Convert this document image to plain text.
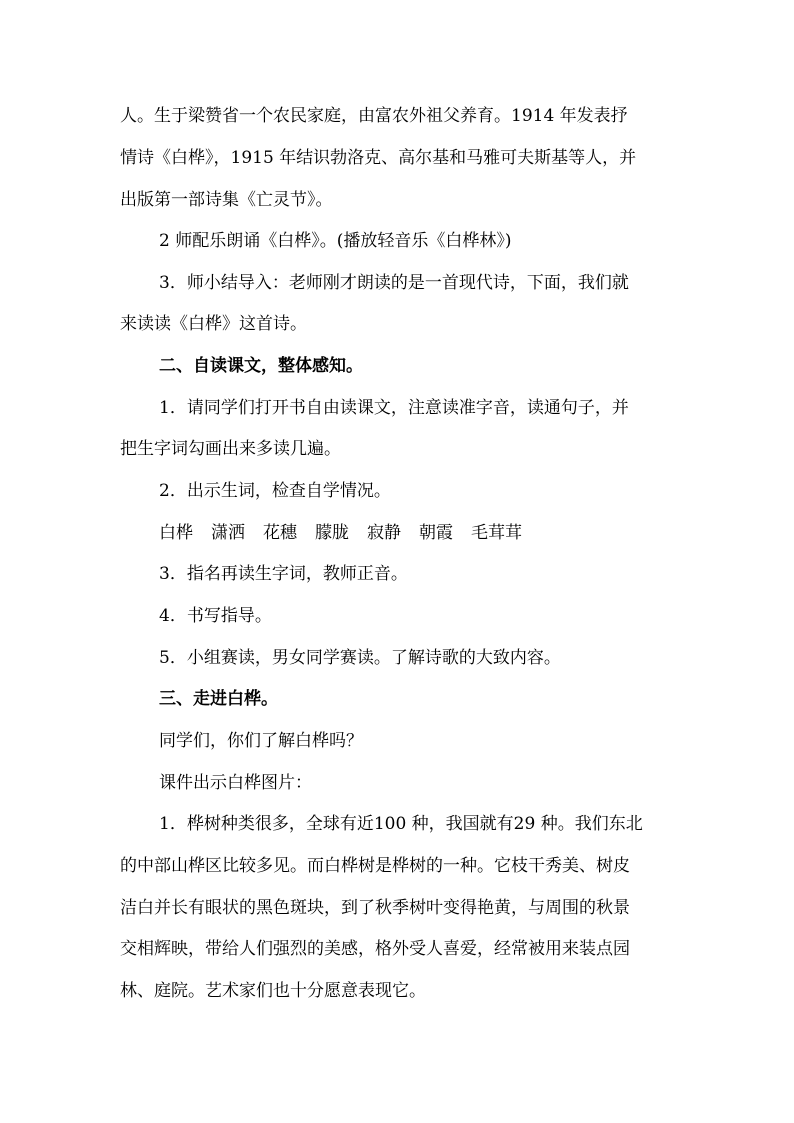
人。生于梁赞省一个农民家庭，由富农外祖父养育。1914 年发表抒
情诗《白桦》，1915 年结识勃洛克、高尔基和马雅可夫斯基等人，并
出版第一部诗集《亡灵节》。
2 师配乐朗诵《白桦》。(播放轻音乐《白桦林》)
3．师小结导入：老师刚才朗读的是一首现代诗，下面，我们就
来读读《白桦》这首诗。
二、自读课文，整体感知。
1．请同学们打开书自由读课文，注意读准字音，读通句子，并
把生字词勾画出来多读几遍。
2．出示生词，检查自学情况。
白桦 潇洒 花穗 朦胧 寂静 朝霞 毛茸茸
3．指名再读生字词，教师正音。
4．书写指导。
5．小组赛读，男女同学赛读。了解诗歌的大致内容。
三、走进白桦。
同学们，你们了解白桦吗？
课件出示白桦图片：
1．桦树种类很多，全球有近100 种，我国就有29 种。我们东北
的中部山桦区比较多见。而白桦树是桦树的一种。它枝干秀美、树皮
洁白并长有眼状的黑色斑块，到了秋季树叶变得艳黄，与周围的秋景
交相辉映，带给人们强烈的美感，格外受人喜爱，经常被用来装点园
林、庭院。艺术家们也十分愿意表现它。
